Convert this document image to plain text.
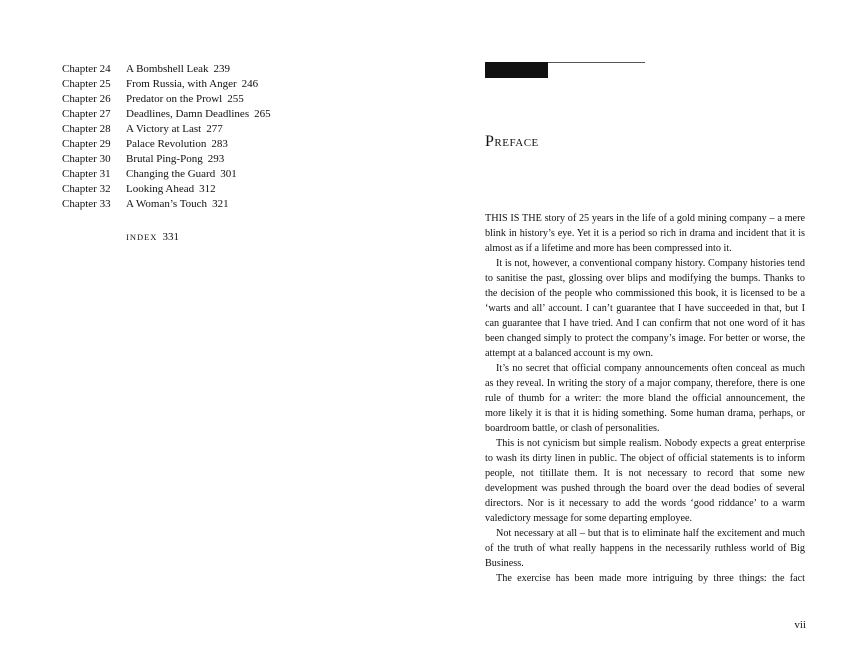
Chapter 24	A Bombshell Leak 239
Chapter 25	From Russia, with Anger 246
Chapter 26	Predator on the Prowl 255
Chapter 27	Deadlines, Damn Deadlines 265
Chapter 28	A Victory at Last 277
Chapter 29	Palace Revolution 283
Chapter 30	Brutal Ping-Pong 293
Chapter 31	Changing the Guard 301
Chapter 32	Looking Ahead 312
Chapter 33	A Woman’s Touch 321
INDEX 331
Preface

THIS IS THE story of 25 years in the life of a gold mining company – a mere blink in history’s eye. Yet it is a period so rich in drama and incident that it is almost as if a lifetime and more has been compressed into it.

It is not, however, a conventional company history. Company histories tend to sanitise the past, glossing over blips and modifying the bumps. Thanks to the decision of the people who commissioned this book, it is licensed to be a ‘warts and all’ account. I can’t guarantee that I have succeeded in that, but I can guarantee that I have tried. And I can confirm that not one word of it has been changed simply to protect the company’s image. For better or worse, the attempt at a balanced account is my own.

It’s no secret that official company announcements often conceal as much as they reveal. In writing the story of a major company, therefore, there is one rule of thumb for a writer: the more bland the official announcement, the more likely it is that it is hiding something. Some human drama, perhaps, or boardroom battle, or clash of personalities.

This is not cynicism but simple realism. Nobody expects a great enterprise to wash its dirty linen in public. The object of official statements is to inform people, not titillate them. It is not necessary to record that some new development was pushed through the board over the dead bodies of several directors. Nor is it necessary to add the words ‘good riddance’ to a warm valedictory message for some departing employee.

Not necessary at all – but that is to eliminate half the excitement and much of the truth of what really happens in the necessarily ruthless world of Big Business.

The exercise has been made more intriguing by three things: the fact

vii
